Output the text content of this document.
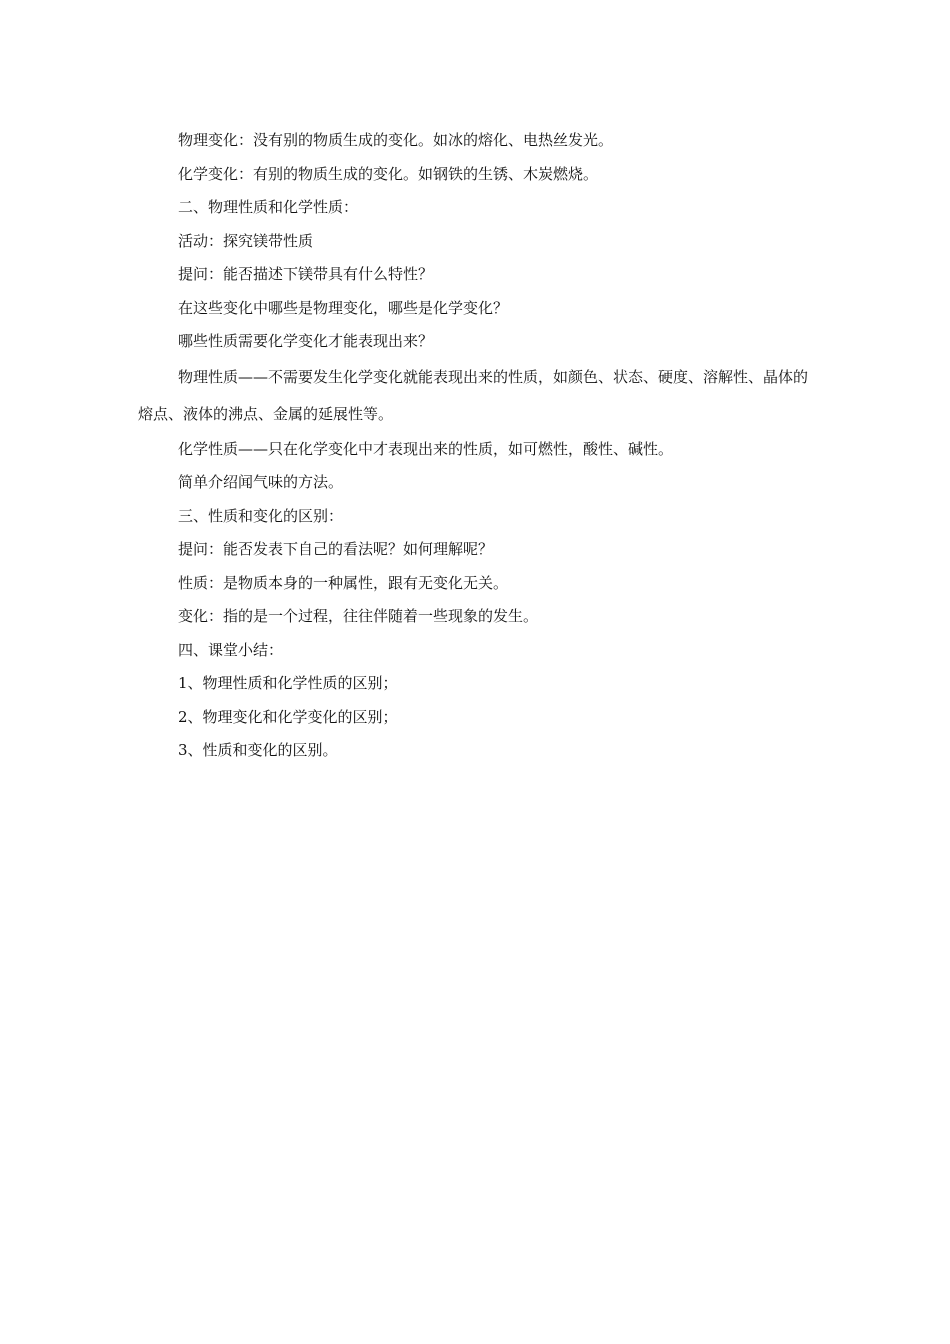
物理变化：没有别的物质生成的变化。如冰的熔化、电热丝发光。

化学变化：有别的物质生成的变化。如钢铁的生锈、木炭燃烧。

二、物理性质和化学性质：

活动：探究镁带性质

提问：能否描述下镁带具有什么特性？

在这些变化中哪些是物理变化，哪些是化学变化？

哪些性质需要化学变化才能表现出来？

物理性质——不需要发生化学变化就能表现出来的性质，如颜色、状态、硬度、溶解性、晶体的熔点、液体的沸点、金属的延展性等。

化学性质——只在化学变化中才表现出来的性质，如可燃性，酸性、碱性。

简单介绍闻气味的方法。

三、性质和变化的区别：

提问：能否发表下自己的看法呢？如何理解呢？

性质：是物质本身的一种属性，跟有无变化无关。

变化：指的是一个过程，往往伴随着一些现象的发生。

四、课堂小结：

1、物理性质和化学性质的区别；

2、物理变化和化学变化的区别；

3、性质和变化的区别。
